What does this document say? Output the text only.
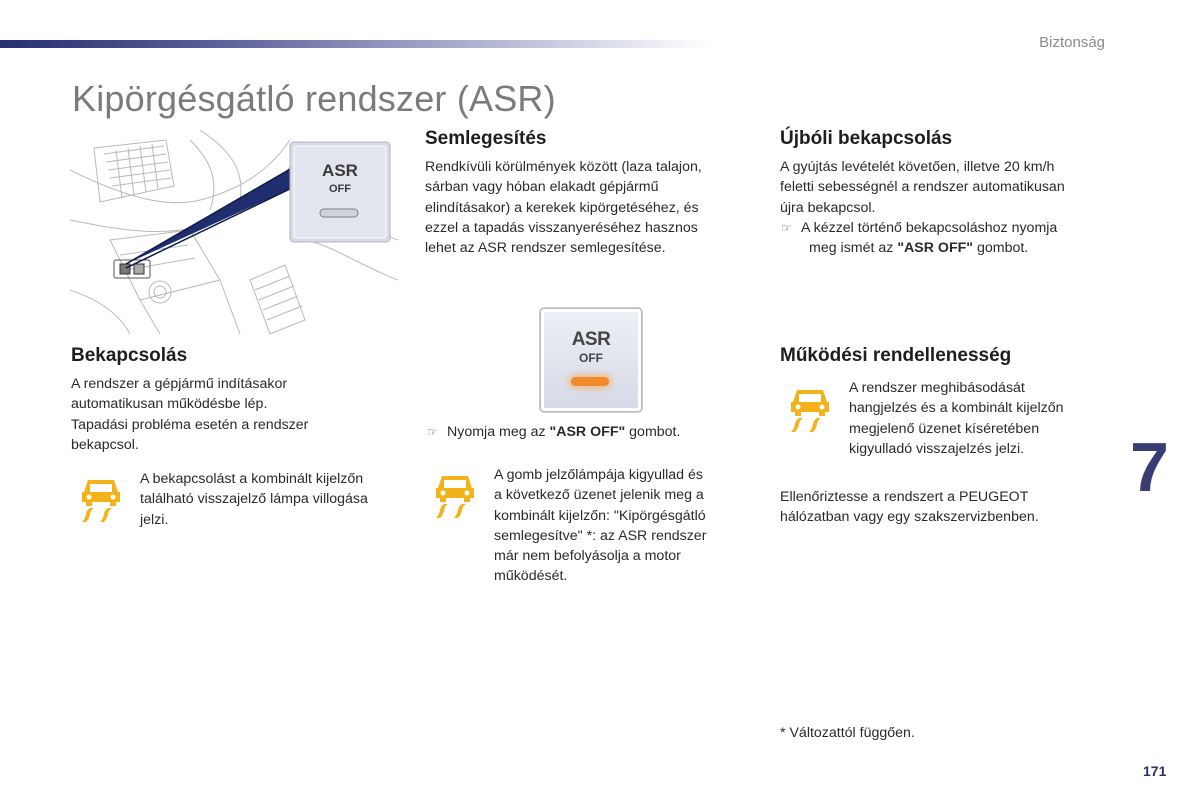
Biztonság
Kipörgésgátló rendszer (ASR)
ASR
OFF
Semlegesítés
Rendkívüli körülmények között (laza talajon,
sárban vagy hóban elakadt gépjármű
elindításakor) a kerekek kipörgetéséhez, és
ezzel a tapadás visszanyeréséhez hasznos
lehet az ASR rendszer semlegesítése.
ASR
OFF
☞ Nyomja meg az "ASR OFF" gombot.
A gomb jelzőlámpája kigyullad és
a következő üzenet jelenik meg a
kombinált kijelzőn: "Kipörgésgátló
semlegesítve" *: az ASR rendszer
már nem befolyásolja a motor
működését.
Bekapcsolás
A rendszer a gépjármű indításakor
automatikusan működésbe lép.
Tapadási probléma esetén a rendszer
bekapcsol.
A bekapcsolást a kombinált kijelzőn
található visszajelző lámpa villogása
jelzi.
Újbóli bekapcsolás
A gyújtás levételét követően, illetve 20 km/h
feletti sebességnél a rendszer automatikusan
újra bekapcsol.
☞ A kézzel történő bekapcsoláshoz nyomja
meg ismét az "ASR OFF" gombot.
Működési rendellenesség
A rendszer meghibásodását
hangjelzés és a kombinált kijelzőn
megjelenő üzenet kíséretében
kigyulladó visszajelzés jelzi.
Ellenőriztesse a rendszert a PEUGEOT
hálózatban vagy egy szakszervizbenben.
7
* Változattól függően.
171
